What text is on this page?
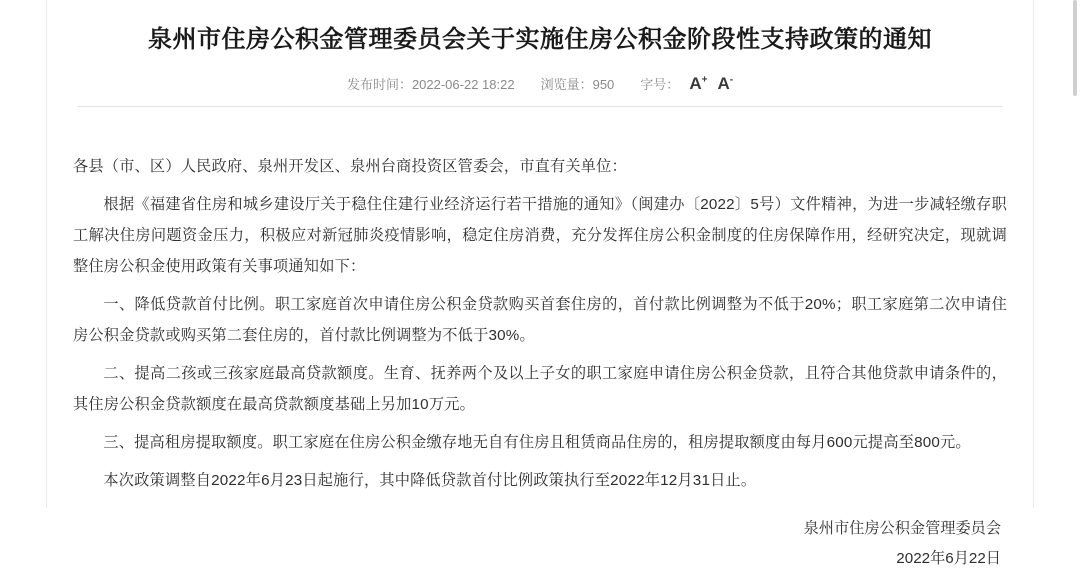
泉州市住房公积金管理委员会关于实施住房公积金阶段性支持政策的通知
发布时间：2022-06-22 18:22 浏览量：950 字号： A+ A-

各县（市、区）人民政府、泉州开发区、泉州台商投资区管委会，市直有关单位：

根据《福建省住房和城乡建设厅关于稳住住建行业经济运行若干措施的通知》（闽建办〔2022〕5号）文件精神，为进一步减轻缴存职工解决住房问题资金压力，积极应对新冠肺炎疫情影响，稳定住房消费，充分发挥住房公积金制度的住房保障作用，经研究决定，现就调整住房公积金使用政策有关事项通知如下：

一、降低贷款首付比例。职工家庭首次申请住房公积金贷款购买首套住房的，首付款比例调整为不低于20%；职工家庭第二次申请住房公积金贷款或购买第二套住房的，首付款比例调整为不低于30%。

二、提高二孩或三孩家庭最高贷款额度。生育、抚养两个及以上子女的职工家庭申请住房公积金贷款，且符合其他贷款申请条件的，其住房公积金贷款额度在最高贷款额度基础上另加10万元。

三、提高租房提取额度。职工家庭在住房公积金缴存地无自有住房且租赁商品住房的，租房提取额度由每月600元提高至800元。

本次政策调整自2022年6月23日起施行，其中降低贷款首付比例政策执行至2022年12月31日止。

泉州市住房公积金管理委员会
2022年6月22日
